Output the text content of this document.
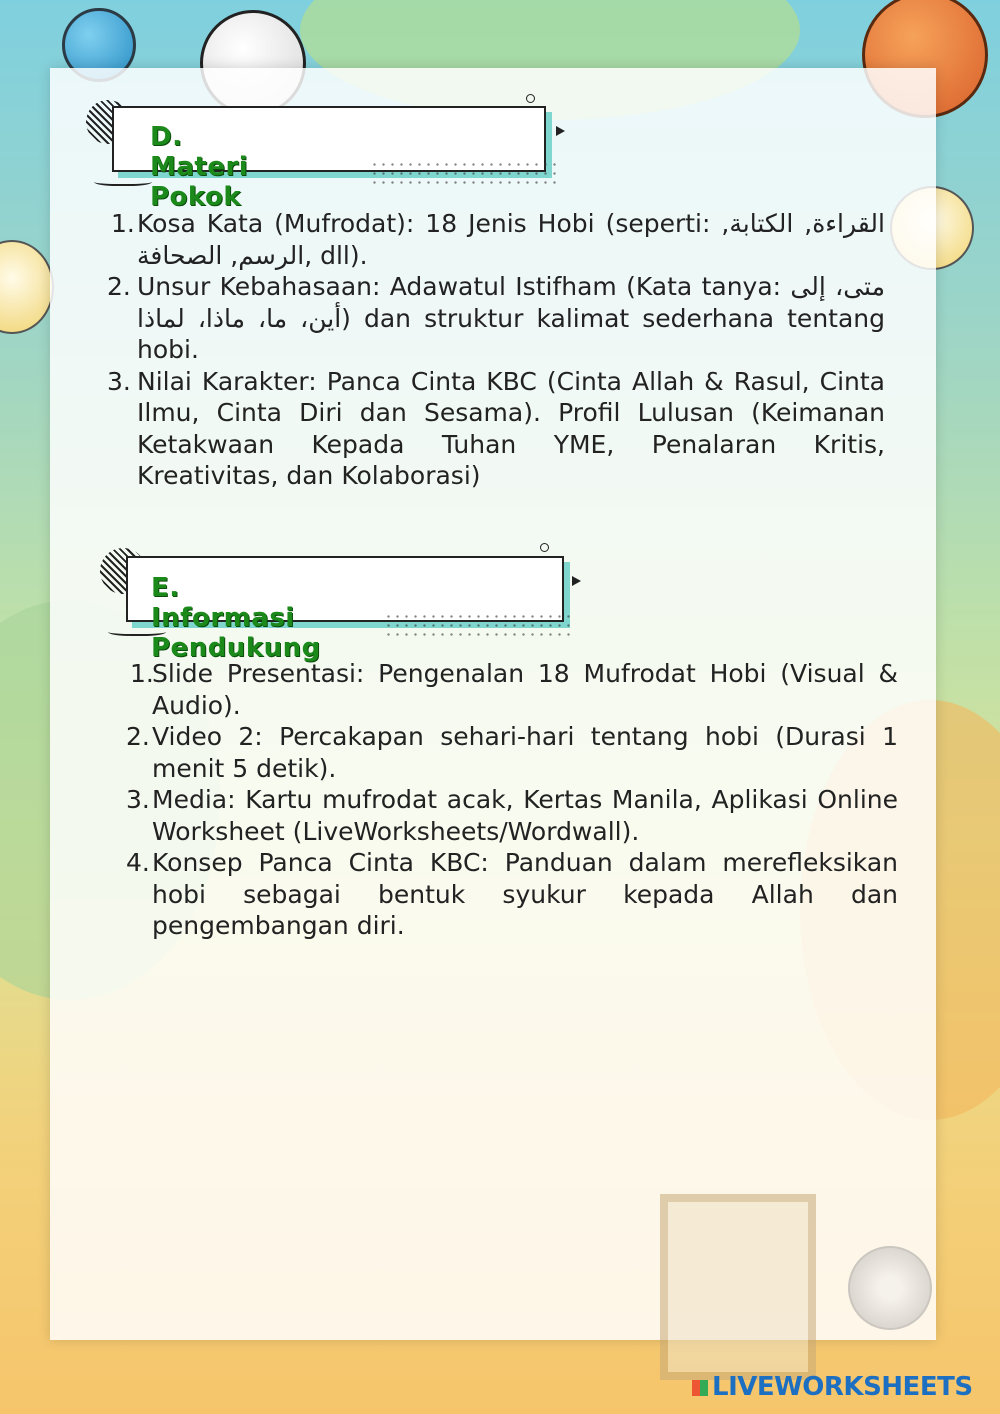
D. Materi Pokok
1. Kosa Kata (Mufrodat): 18 Jenis Hobi (seperti: القراءة, الكتابة, الرسم, الصحافة, dll).
2. Unsur Kebahasaan: Adawatul Istifham (Kata tanya: متى، إلى أين، ما، ماذا، لماذا) dan struktur kalimat sederhana tentang hobi.
3. Nilai Karakter: Panca Cinta KBC (Cinta Allah & Rasul, Cinta Ilmu, Cinta Diri dan Sesama). Profil Lulusan (Keimanan Ketakwaan Kepada Tuhan YME, Penalaran Kritis, Kreativitas, dan Kolaborasi)
E. Informasi Pendukung
1.
Slide Presentasi: Pengenalan 18 Mufrodat Hobi (Visual & Audio).
2. Video 2: Percakapan sehari-hari tentang hobi (Durasi 1 menit 5 detik).
3. Media: Kartu mufrodat acak, Kertas Manila, Aplikasi Online Worksheet (LiveWorksheets/Wordwall).
4. Konsep Panca Cinta KBC: Panduan dalam merefleksikan hobi sebagai bentuk syukur kepada Allah dan pengembangan diri.
LIVEWORKSHEETS
